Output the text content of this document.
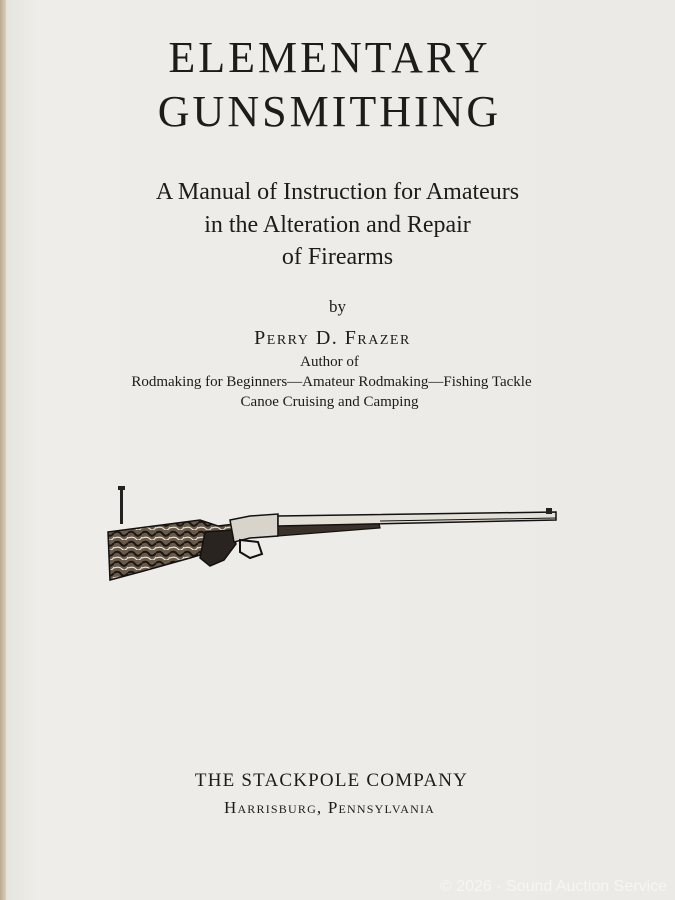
ELEMENTARY
GUNSMITHING
A Manual of Instruction for Amateurs
in the Alteration and Repair
of Firearms
by
Perry D. Frazer
Author of
Rodmaking for Beginners—Amateur Rodmaking—Fishing Tackle
Canoe Cruising and Camping
THE STACKPOLE COMPANY
Harrisburg, Pennsylvania
© 2026 - Sound Auction Service
